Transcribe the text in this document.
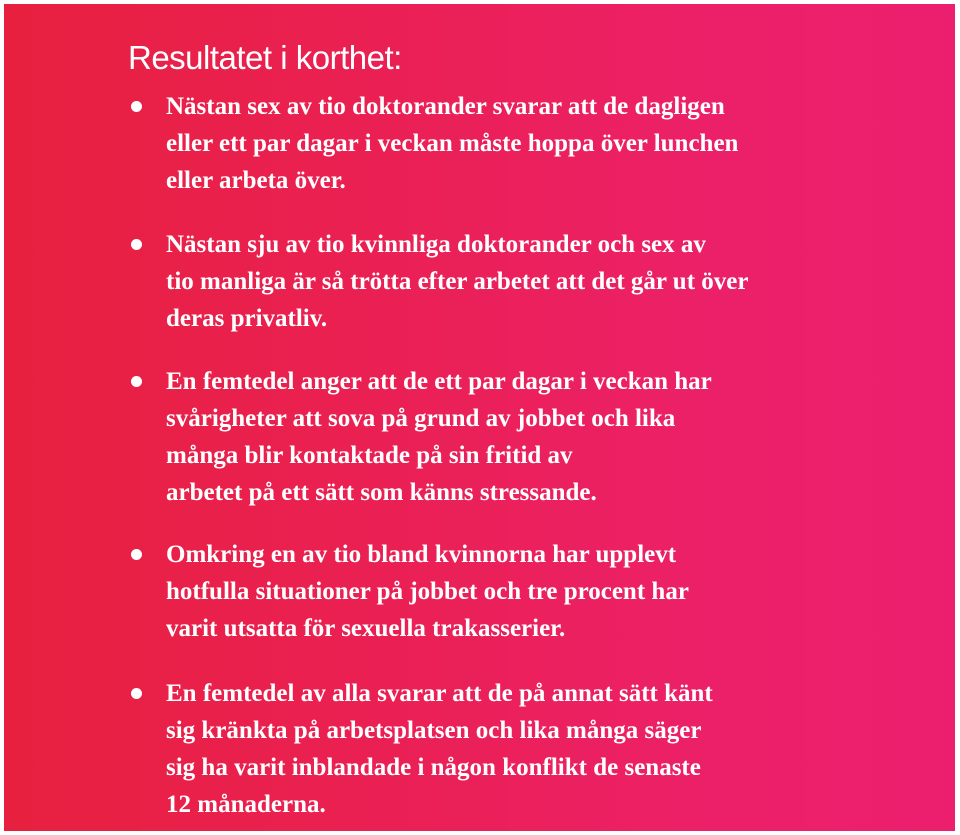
Resultatet i korthet:

Nästan sex av tio doktorander svarar att de dagligen
eller ett par dagar i veckan måste hoppa över lunchen
eller arbeta över.

Nästan sju av tio kvinnliga doktorander och sex av
tio manliga är så trötta efter arbetet att det går ut över
deras privatliv.

En femtedel anger att de ett par dagar i veckan har
svårigheter att sova på grund av jobbet och lika
många blir kontaktade på sin fritid av
arbetet på ett sätt som känns stressande.

Omkring en av tio bland kvinnorna har upplevt
hotfulla situationer på jobbet och tre procent har
varit utsatta för sexuella trakasserier.

En femtedel av alla svarar att de på annat sätt känt
sig kränkta på arbetsplatsen och lika många säger
sig ha varit inblandade i någon konflikt de senaste
12 månaderna.
